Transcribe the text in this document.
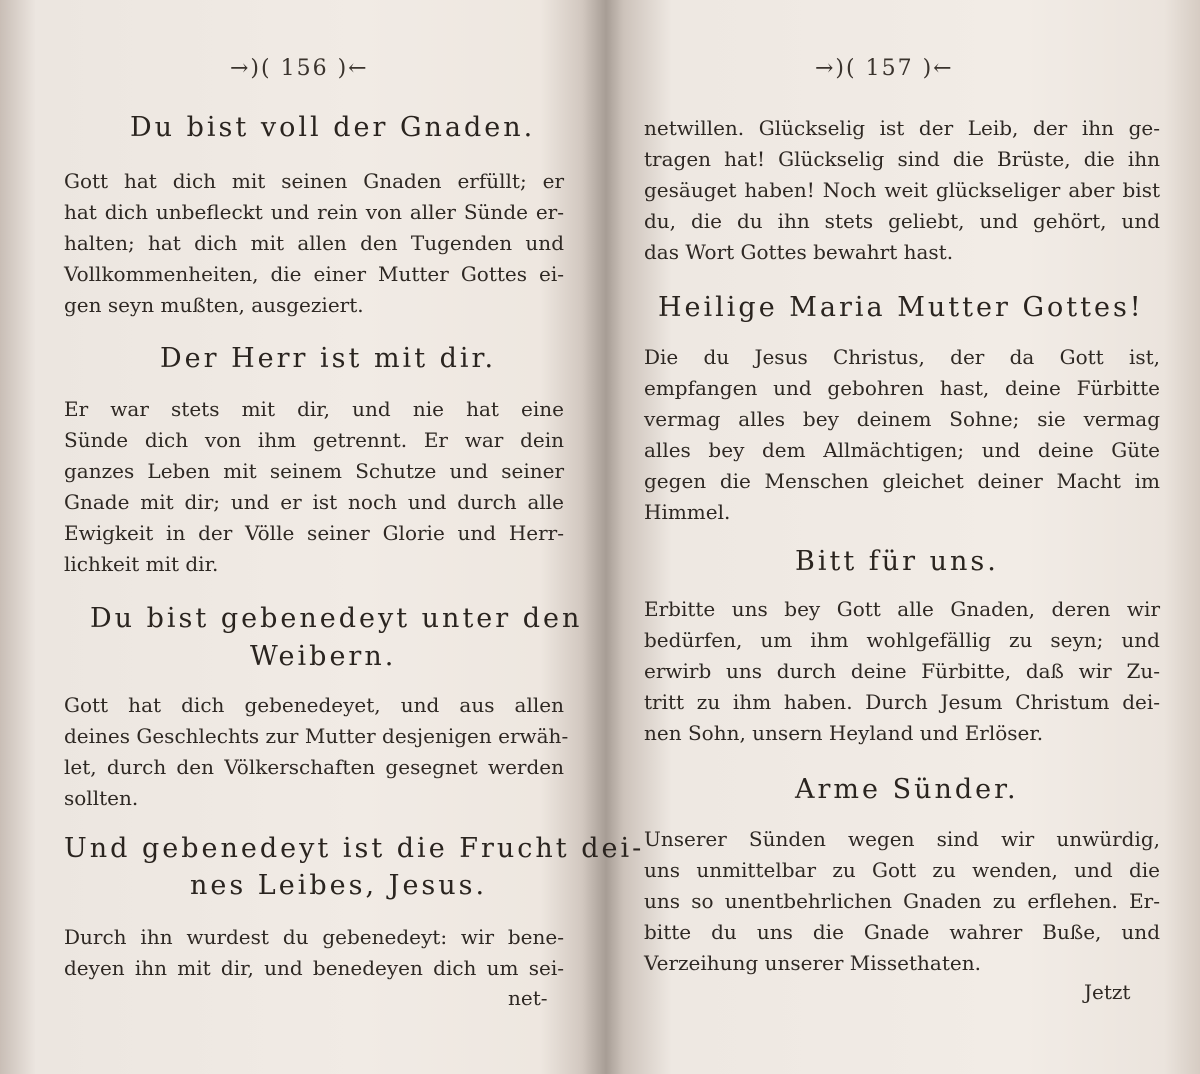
→)( 156 )←
Du bist voll der Gnaden.
Gott hat dich mit seinen Gnaden erfüllt; er
hat dich unbefleckt und rein von aller Sünde er-
halten; hat dich mit allen den Tugenden und
Vollkommenheiten, die einer Mutter Gottes ei-
gen seyn mußten, ausgeziert.
Der Herr ist mit dir.
Er war stets mit dir, und nie hat eine
Sünde dich von ihm getrennt. Er war dein
ganzes Leben mit seinem Schutze und seiner
Gnade mit dir; und er ist noch und durch alle
Ewigkeit in der Völle seiner Glorie und Herr-
lichkeit mit dir.
Du bist gebenedeyt unter den
Weibern.
Gott hat dich gebenedeyet, und aus allen
deines Geschlechts zur Mutter desjenigen erwäh-
let, durch den Völkerschaften gesegnet werden
sollten.
Und gebenedeyt ist die Frucht dei-
nes Leibes, Jesus.
Durch ihn wurdest du gebenedeyt: wir bene-
deyen ihn mit dir, und benedeyen dich um sei-
net-
→)( 157 )←
netwillen. Glückselig ist der Leib, der ihn ge-
tragen hat! Glückselig sind die Brüste, die ihn
gesäuget haben! Noch weit glückseliger aber bist
du, die du ihn stets geliebt, und gehört, und
das Wort Gottes bewahrt hast.
Heilige Maria Mutter Gottes!
Die du Jesus Christus, der da Gott ist,
empfangen und gebohren hast, deine Fürbitte
vermag alles bey deinem Sohne; sie vermag
alles bey dem Allmächtigen; und deine Güte
gegen die Menschen gleichet deiner Macht im
Himmel.
Bitt für uns.
Erbitte uns bey Gott alle Gnaden, deren wir
bedürfen, um ihm wohlgefällig zu seyn; und
erwirb uns durch deine Fürbitte, daß wir Zu-
tritt zu ihm haben. Durch Jesum Christum dei-
nen Sohn, unsern Heyland und Erlöser.
Arme Sünder.
Unserer Sünden wegen sind wir unwürdig,
uns unmittelbar zu Gott zu wenden, und die
uns so unentbehrlichen Gnaden zu erflehen. Er-
bitte du uns die Gnade wahrer Buße, und
Verzeihung unserer Missethaten.
Jetzt
